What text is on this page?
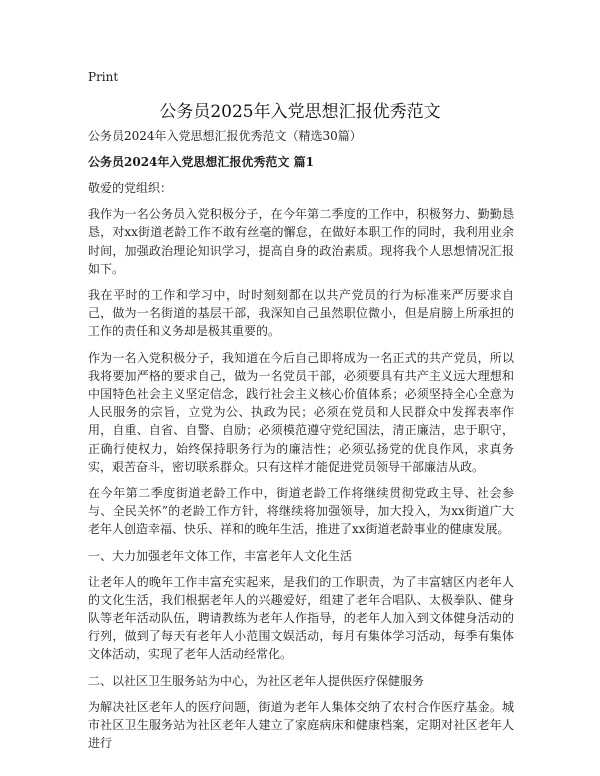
Print
公务员2025年入党思想汇报优秀范文

公务员2024年入党思想汇报优秀范文（精选30篇）

公务员2024年入党思想汇报优秀范文 篇1

敬爱的党组织：

我作为一名公务员入党积极分子，在今年第二季度的工作中，积极努力、勤勤恳恳，对xx街道老龄工作不敢有丝毫的懈怠，在做好本职工作的同时，我利用业余时间，加强政治理论知识学习，提高自身的政治素质。现将我个人思想情况汇报如下。

我在平时的工作和学习中，时时刻刻都在以共产党员的行为标准来严厉要求自己，做为一名街道的基层干部，我深知自己虽然职位微小，但是肩膀上所承担的工作的责任和义务却是极其重要的。

作为一名入党积极分子，我知道在今后自己即将成为一名正式的共产党员，所以我将要加严格的要求自己，做为一名党员干部，必须要具有共产主义远大理想和中国特色社会主义坚定信念，践行社会主义核心价值体系；必须坚持全心全意为人民服务的宗旨，立党为公、执政为民；必须在党员和人民群众中发挥表率作用，自重、自省、自警、自励；必须模范遵守党纪国法，清正廉洁，忠于职守，正确行使权力，始终保持职务行为的廉洁性；必须弘扬党的优良作风，求真务实，艰苦奋斗，密切联系群众。只有这样才能促进党员领导干部廉洁从政。

在今年第二季度街道老龄工作中，街道老龄工作将继续贯彻党政主导、社会参与、全民关怀”的老龄工作方针，将继续将加强领导，加大投入，为xx街道广大老年人创造幸福、快乐、祥和的晚年生活，推进了xx街道老龄事业的健康发展。

一、大力加强老年文体工作，丰富老年人文化生活

让老年人的晚年工作丰富充实起来，是我们的工作职责，为了丰富辖区内老年人的文化生活，我们根据老年人的兴趣爱好，组建了老年合唱队、太极拳队、健身队等老年活动队伍，聘请教练为老年人作指导，的老年人加入到文体健身活动的行列，做到了每天有老年人小范围文娱活动，每月有集体学习活动，每季有集体文体活动，实现了老年人活动经常化。

二、以社区卫生服务站为中心，为社区老年人提供医疗保健服务

为解决社区老年人的医疗问题，街道为老年人集体交纳了农村合作医疗基金。城市社区卫生服务站为社区老年人建立了家庭病床和健康档案，定期对社区老年人进行
